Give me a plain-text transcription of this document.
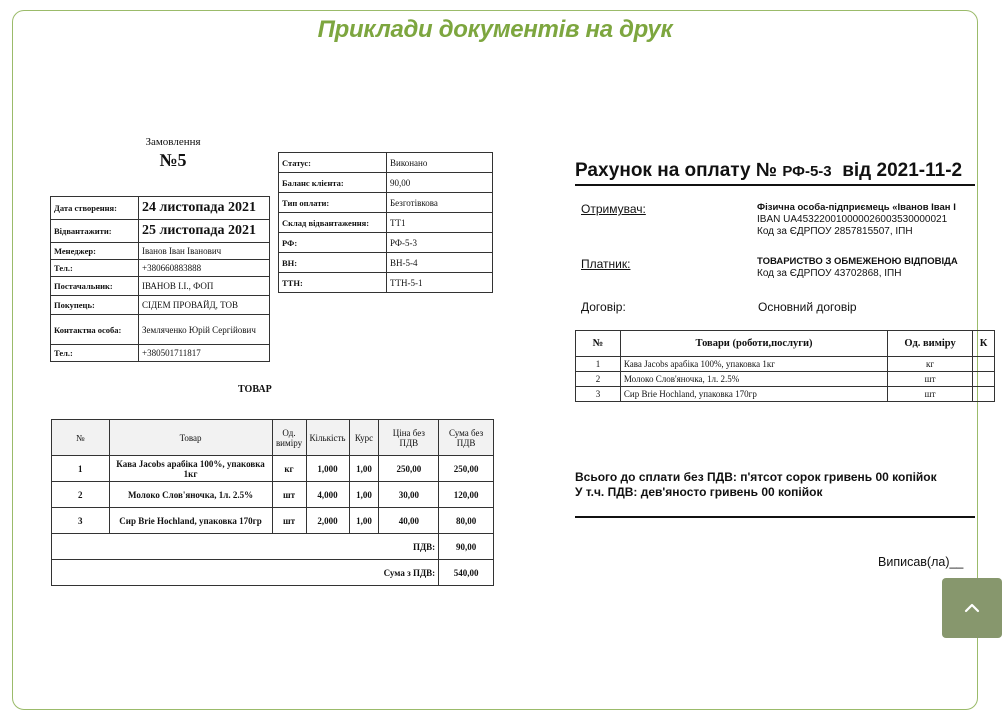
Приклади документів на друк
Замовлення
№5
Дата створення:	24 листопада 2021
Відвантажити:	25 листопада 2021
Менеджер:	Іванов Іван Іванович
Тел.:	+380660883888
Постачальник:	ІВАНОВ І.І., ФОП
Покупець:	СІДЕМ ПРОВАЙД, ТОВ
Контактна особа:	Земляченко Юрій Сергійович
Тел.:	+380501711817
Статус:	Виконано
Баланс клієнта:	90,00
Тип оплати:	Безготівкова
Склад відвантаження:	ТТ1
РФ:	РФ-5-3
ВН:	ВН-5-4
ТТН:	ТТН-5-1
ТОВАР
№	Товар	Од. виміру	Кількість	Курс	Ціна без ПДВ	Сума без ПДВ
1	Кава Jacobs арабіка 100%, упаковка 1кг	кг	1,000	1,00	250,00	250,00
2	Молоко Слов'яночка, 1л. 2.5%	шт	4,000	1,00	30,00	120,00
3	Сир Brie Hochland, упаковка 170гр	шт	2,000	1,00	40,00	80,00
					ПДВ:	90,00
					Сума з ПДВ:	540,00
Рахунок на оплату № РФ-5-3  від 2021-11-2
Отримувач:	Фізична особа-підприємець «Іванов Іван І
IBAN UA453220010000026003530000021
Код за ЄДРПОУ 2857815507, ІПН
Платник:	ТОВАРИСТВО З ОБМЕЖЕНОЮ ВІДПОВІДА
Код за ЄДРПОУ 43702868, ІПН
Договір:	Основний договір
№	Товари (роботи,послуги)	Од. виміру	К
1	Кава Jacobs арабіка 100%, упаковка 1кг	кг	
2	Молоко Слов'яночка, 1л. 2.5%	шт	
3	Сир Brie Hochland, упаковка 170гр	шт	
Всього до сплати без ПДВ: п'ятсот сорок гривень 00 копійок
У т.ч. ПДВ: дев'яносто гривень 00 копійок
Виписав(ла)__
